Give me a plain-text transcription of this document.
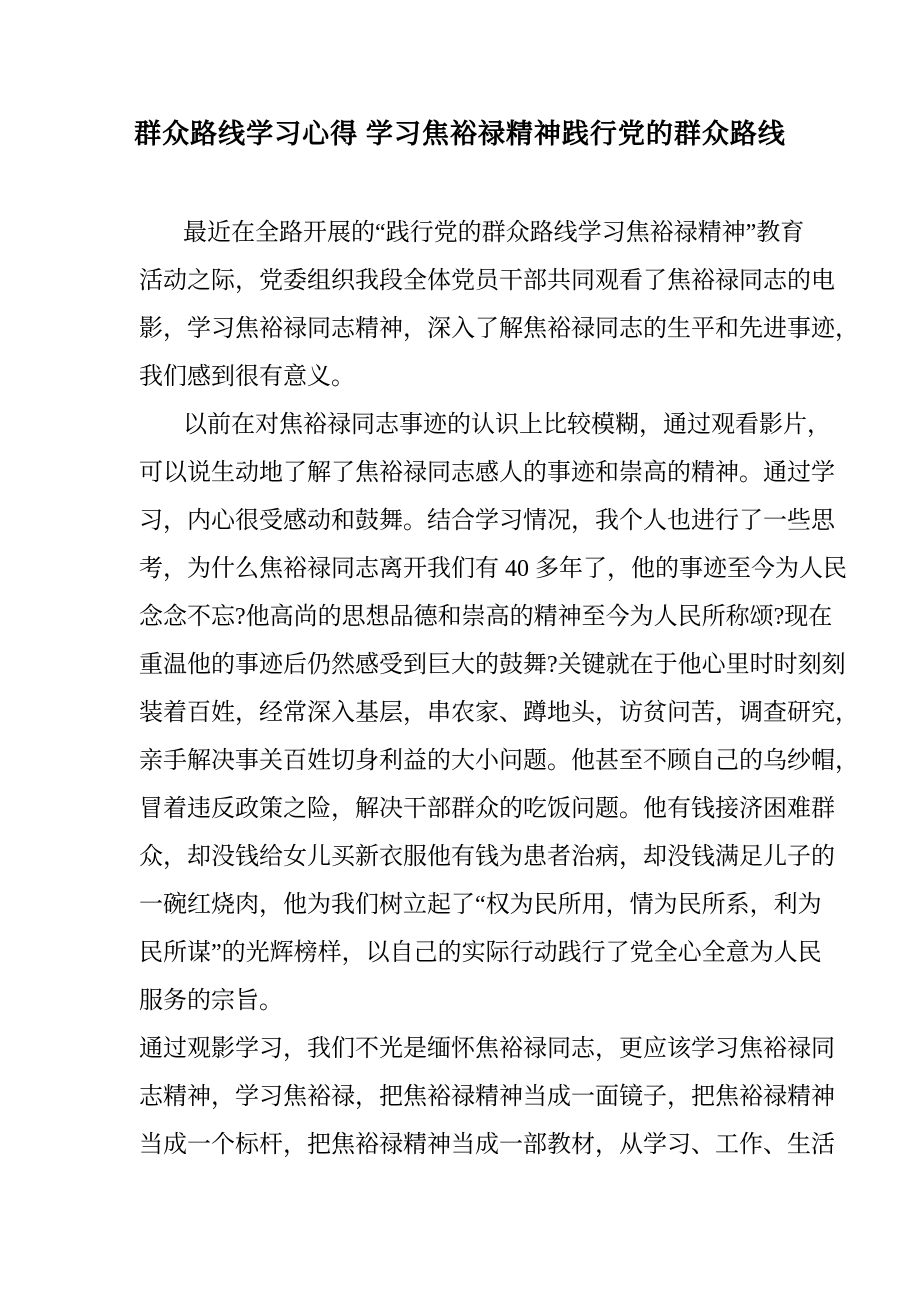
群众路线学习心得 学习焦裕禄精神践行党的群众路线
最近在全路开展的“践行党的群众路线学习焦裕禄精神”教育
活动之际，党委组织我段全体党员干部共同观看了焦裕禄同志的电
影，学习焦裕禄同志精神，深入了解焦裕禄同志的生平和先进事迹，
我们感到很有意义。
以前在对焦裕禄同志事迹的认识上比较模糊，通过观看影片，
可以说生动地了解了焦裕禄同志感人的事迹和崇高的精神。通过学
习，内心很受感动和鼓舞。结合学习情况，我个人也进行了一些思
考，为什么焦裕禄同志离开我们有 40 多年了，他的事迹至今为人民
念念不忘?他高尚的思想品德和崇高的精神至今为人民所称颂?现在
重温他的事迹后仍然感受到巨大的鼓舞?关键就在于他心里时时刻刻
装着百姓，经常深入基层，串农家、蹲地头，访贫问苦，调查研究，
亲手解决事关百姓切身利益的大小问题。他甚至不顾自己的乌纱帽，
冒着违反政策之险，解决干部群众的吃饭问题。他有钱接济困难群
众，却没钱给女儿买新衣服他有钱为患者治病，却没钱满足儿子的
一碗红烧肉，他为我们树立起了“权为民所用，情为民所系，利为
民所谋”的光辉榜样，以自己的实际行动践行了党全心全意为人民
服务的宗旨。
通过观影学习，我们不光是缅怀焦裕禄同志，更应该学习焦裕禄同
志精神，学习焦裕禄，把焦裕禄精神当成一面镜子，把焦裕禄精神
当成一个标杆，把焦裕禄精神当成一部教材，从学习、工作、生活
